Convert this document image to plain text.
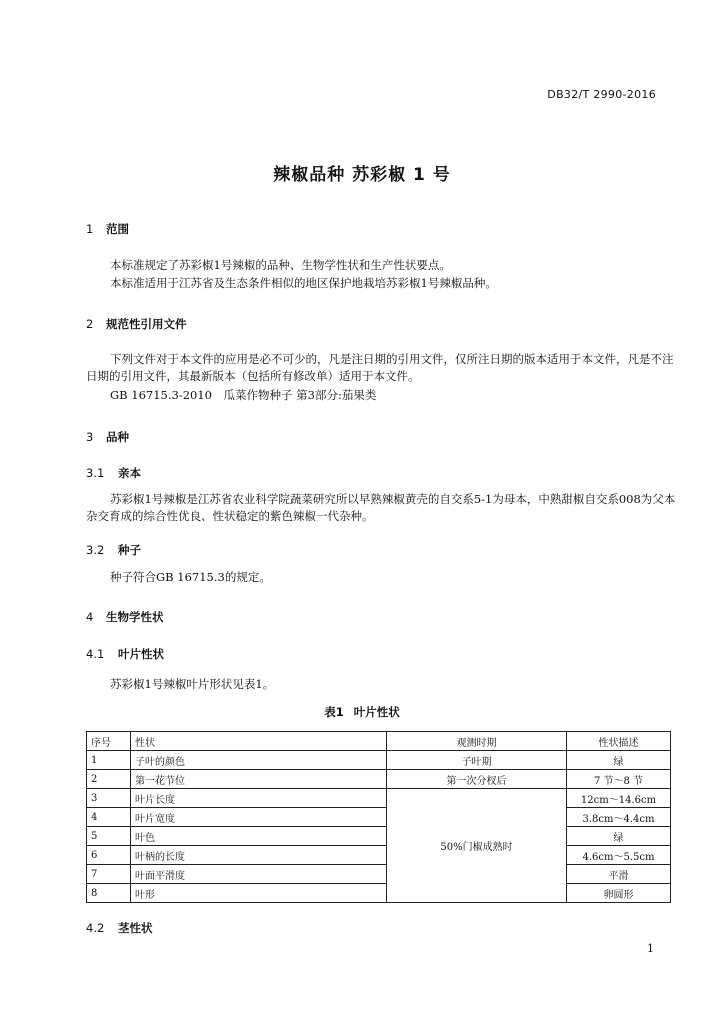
DB32/T 2990-2016
辣椒品种 苏彩椒 1 号
1 范围
本标准规定了苏彩椒1号辣椒的品种、生物学性状和生产性状要点。
本标准适用于江苏省及生态条件相似的地区保护地栽培苏彩椒1号辣椒品种。
2 规范性引用文件
下列文件对于本文件的应用是必不可少的，凡是注日期的引用文件，仅所注日期的版本适用于本文件，凡是不注日期的引用文件，其最新版本（包括所有修改单）适用于本文件。
GB 16715.3-2010　瓜菜作物种子 第3部分:茄果类
3 品种
3.1 亲本
苏彩椒1号辣椒是江苏省农业科学院蔬菜研究所以早熟辣椒黄壳的自交系5-1为母本，中熟甜椒自交系008为父本杂交育成的综合性优良、性状稳定的紫色辣椒一代杂种。
3.2 种子
种子符合GB 16715.3的规定。
4 生物学性状
4.1 叶片性状
苏彩椒1号辣椒叶片形状见表1。
表1 叶片性状
序号	性状	观测时期	性状描述
1	子叶的颜色	子叶期	绿
2	第一花节位	第一次分杈后	7 节～8 节
3	叶片长度	50%门椒成熟时	12cm～14.6cm
4	叶片宽度		3.8cm～4.4cm
5	叶色		绿
6	叶柄的长度		4.6cm～5.5cm
7	叶面平滑度		平滑
8	叶形		卵圆形
4.2 茎性状
1
